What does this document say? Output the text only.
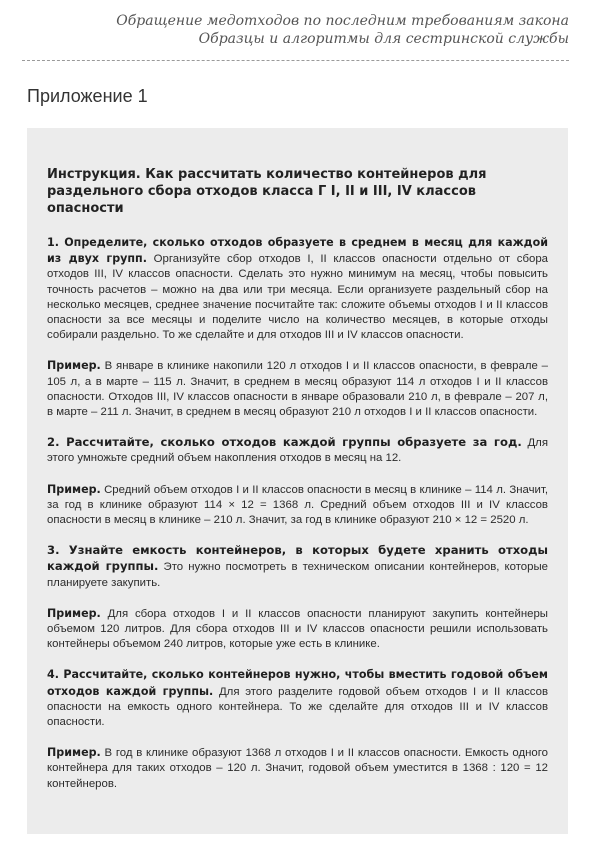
Обращение медотходов по последним требованиям закона
Образцы и алгоритмы для сестринской службы
Приложение 1
Инструкция. Как рассчитать количество контейнеров для раздельного сбора отходов класса Г I, II и III, IV классов опасности

1. Определите, сколько отходов образуете в среднем в месяц для каждой из двух групп. Организуйте сбор отходов I, II классов опасности отдельно от сбора отходов III, IV классов опасности. Сделать это нужно минимум на месяц, чтобы повысить точность расчетов – можно на два или три месяца. Если организуете раздельный сбор на несколько месяцев, среднее значение посчитайте так: сложите объемы отходов I и II классов опасности за все месяцы и поделите число на количество месяцев, в которые отходы собирали раздельно. То же сделайте и для отходов III и IV классов опасности.

Пример. В январе в клинике накопили 120 л отходов I и II классов опасности, в феврале – 105 л, а в марте – 115 л. Значит, в среднем в месяц образуют 114 л отходов I и II классов опасности. Отходов III, IV классов опасности в январе образовали 210 л, в феврале – 207 л, в марте – 211 л. Значит, в среднем в месяц образуют 210 л отходов I и II классов опасности.

2. Рассчитайте, сколько отходов каждой группы образуете за год. Для этого умножьте средний объем накопления отходов в месяц на 12.

Пример. Средний объем отходов I и II классов опасности в месяц в клинике – 114 л. Значит, за год в клинике образуют 114 × 12 = 1368 л. Средний объем отходов III и IV классов опасности в месяц в клинике – 210 л. Значит, за год в клинике образуют 210 × 12 = 2520 л.

3. Узнайте емкость контейнеров, в которых будете хранить отходы каждой группы. Это нужно посмотреть в техническом описании контейнеров, которые планируете закупить.

Пример. Для сбора отходов I и II классов опасности планируют закупить контейнеры объемом 120 литров. Для сбора отходов III и IV классов опасности решили использовать контейнеры объемом 240 литров, которые уже есть в клинике.

4. Рассчитайте, сколько контейнеров нужно, чтобы вместить годовой объем отходов каждой группы. Для этого разделите годовой объем отходов I и II классов опасности на емкость одного контейнера. То же сделайте для отходов III и IV классов опасности.

Пример. В год в клинике образуют 1368 л отходов I и II классов опасности. Емкость одного контейнера для таких отходов – 120 л. Значит, годовой объем уместится в 1368 : 120 = 12 контейнеров.
